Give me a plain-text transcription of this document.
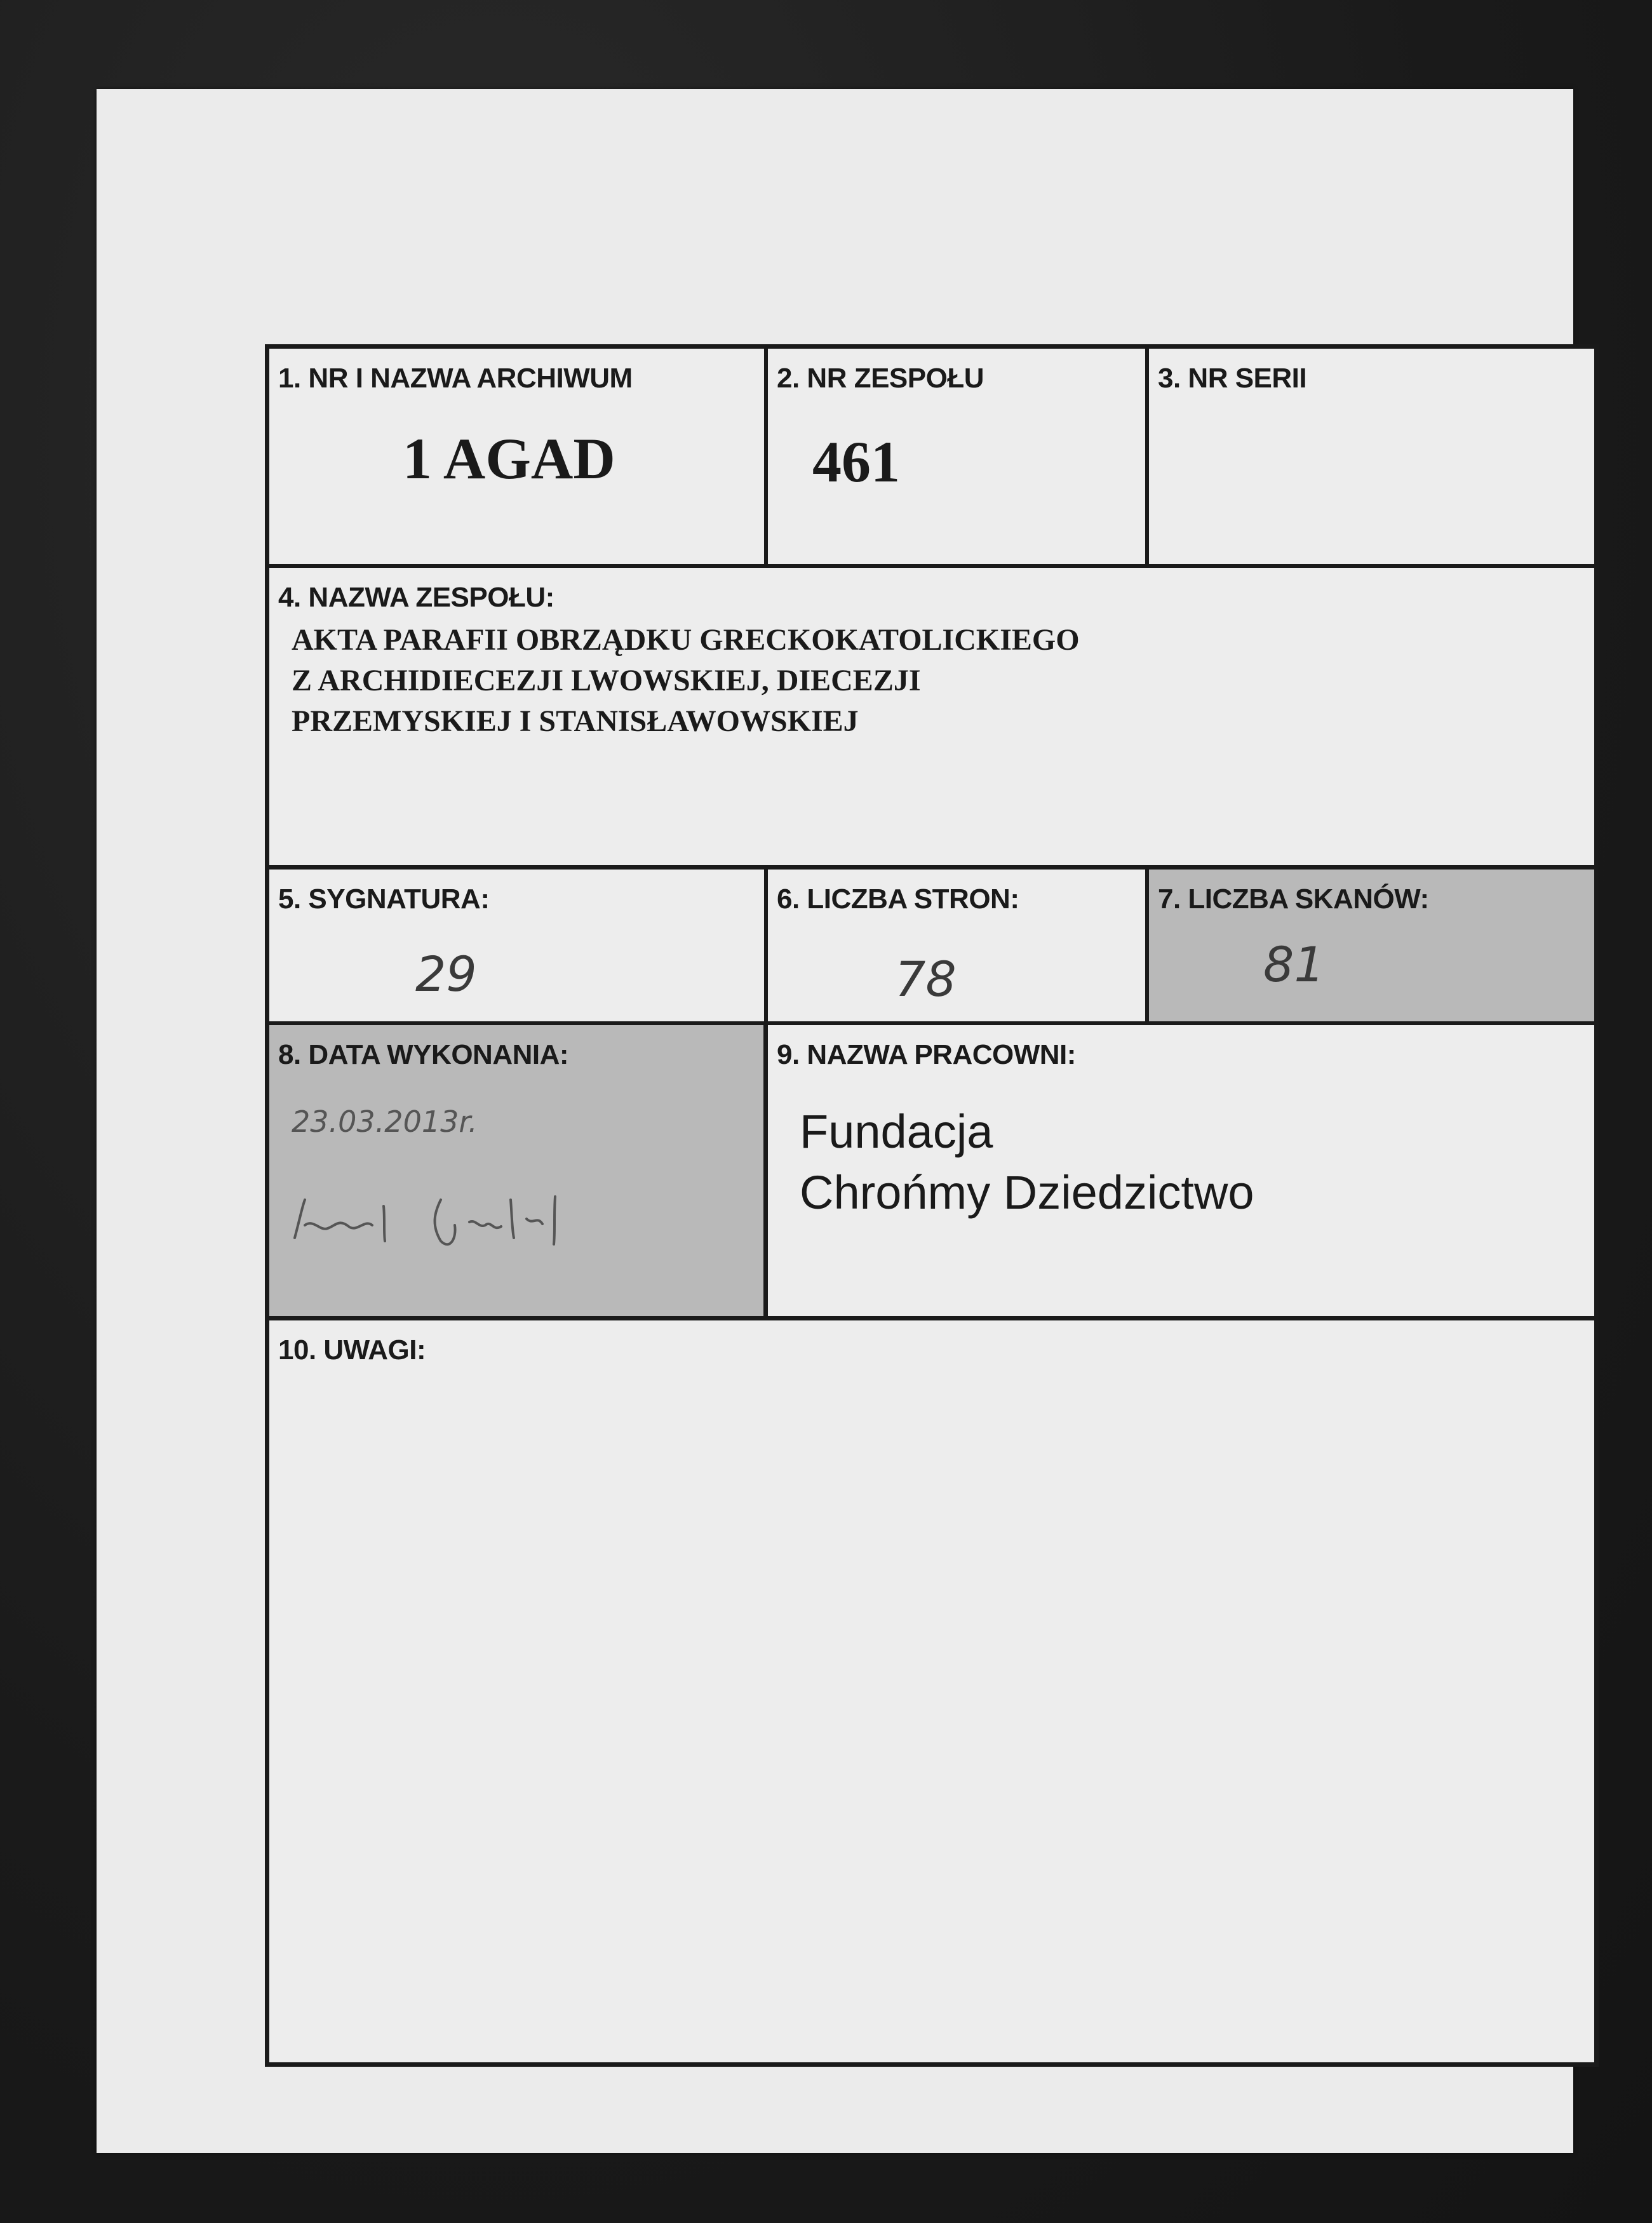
1. NR I NAZWA ARCHIWUM
1 AGAD
2. NR ZESPOŁU
461
3. NR SERII
4. NAZWA ZESPOŁU:
AKTA PARAFII OBRZĄDKU GRECKOKATOLICKIEGO
Z ARCHIDIECEZJI LWOWSKIEJ, DIECEZJI
PRZEMYSKIEJ I STANISŁAWOWSKIEJ
5. SYGNATURA:
29
6. LICZBA STRON:
78
7. LICZBA SKANÓW:
81
8. DATA WYKONANIA:
23.03.2013r.
9. NAZWA PRACOWNI:
Fundacja
Chrońmy Dziedzictwo
10. UWAGI:
